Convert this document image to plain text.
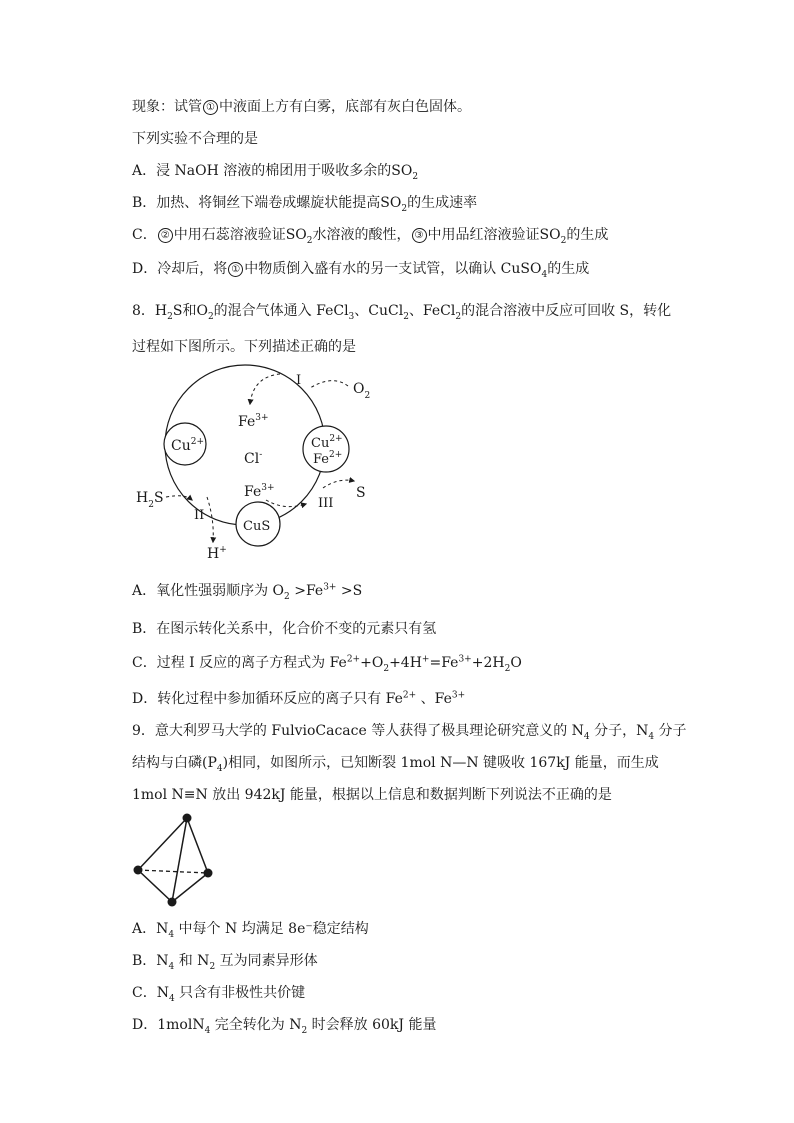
现象：试管 ① 中液面上方有白雾，底部有灰白色固体。
下列实验不合理的是
A．浸 NaOH 溶液的棉团用于吸收多余的$SO_2$
B．加热、将铜丝下端卷成螺旋状能提高$SO_2$的生成速率
C． ② 中用石蕊溶液验证$SO_2$水溶液的酸性， ③ 中用品红溶液验证$SO_2$的生成
D．冷却后，将 ① 中物质倒入盛有水的另一支试管，以确认 CuSO$_4$的生成
8．$H_2S$和$O_2$的混合气体通入 FeCl$_3$、CuCl$_2$、FeCl$_2$的混合溶液中反应可回收 S，转化
过程如下图所示。下列描述正确的是
$Cu^{2+}$
$Fe^{3+}$
Cl-
$Cu^{2+}$
$Fe^{2+}$
$Fe^{3+}$
CuS
I
$O_2$
$H_2S$
II
H+
III
S
A．氧化性强弱顺序为 $O_2 >Fe^{3+} >S$
B．在图示转化关系中，化合价不变的元素只有氢
C．过程 I 反应的离子方程式为 $Fe^{2+}+O_2+4H^+=Fe^{3+}+2H_2O$
D．转化过程中参加循环反应的离子只有 $Fe^{2+}$ 、$Fe^{3+}$
9．意大利罗马大学的 FulvioCacace 等人获得了极具理论研究意义的 $N_4$ 分子，$N_4$ 分子
结构与白磷$(P_4)$相同，如图所示，已知断裂 1mol N—N 键吸收 167kJ 能量，而生成
1mol N≡N 放出 942kJ 能量，根据以上信息和数据判断下列说法不正确的是
A．$N_4$ 中每个 N 均满足 8e⁻稳定结构
B．$N_4$ 和 $N_2$ 互为同素异形体
C．$N_4$ 只含有非极性共价键
D．1molN$_4$ 完全转化为 $N_2$ 时会释放 60kJ 能量
